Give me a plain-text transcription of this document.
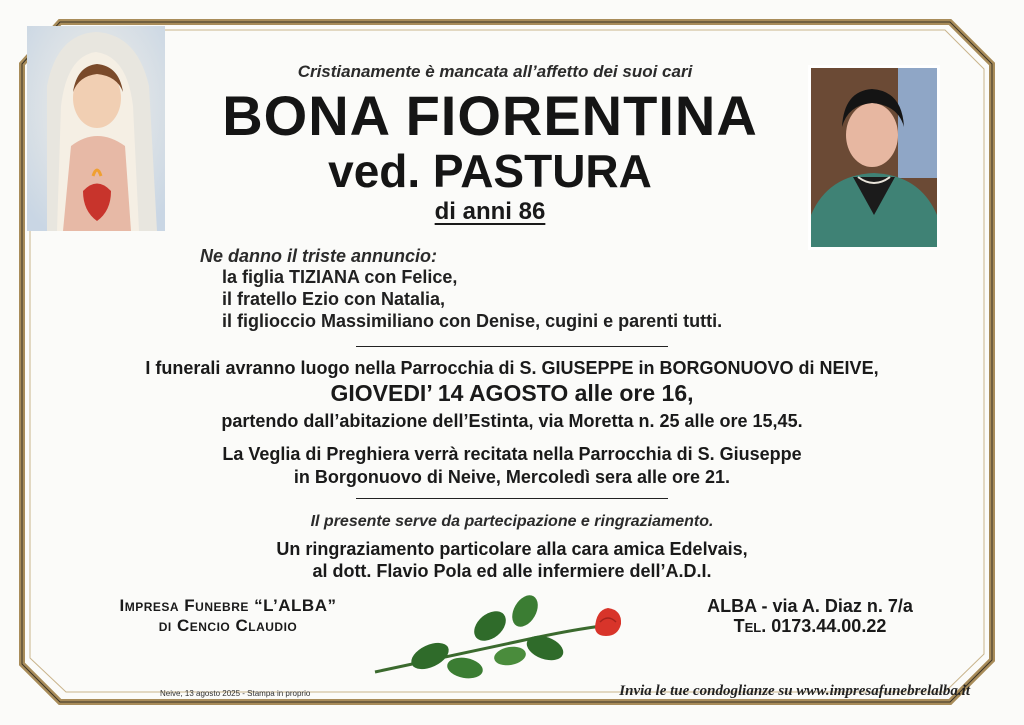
Cristianamente è mancata all’affetto dei suoi cari
BONA FIORENTINA
ved. PASTURA
di anni 86
Ne danno il triste annuncio:
la figlia TIZIANA con Felice,
il fratello Ezio con Natalia,
il figlioccio Massimiliano con Denise, cugini e parenti tutti.
I funerali avranno luogo nella Parrocchia di S. GIUSEPPE in BORGONUOVO di NEIVE,
GIOVEDI’ 14 AGOSTO alle ore 16,
partendo dall’abitazione dell’Estinta, via Moretta n. 25 alle ore 15,45.
La Veglia di Preghiera verrà recitata nella Parrocchia di S. Giuseppe
in Borgonuovo di Neive, Mercoledì sera alle ore 21.
Il presente serve da partecipazione e ringraziamento.
Un ringraziamento particolare alla cara amica Edelvais,
al dott. Flavio Pola ed alle infermiere dell’A.D.I.
Impresa Funebre “L’ALBA”
di Cencio Claudio
ALBA - via A. Diaz n. 7/a
Tel. 0173.44.00.22

Neive, 13 agosto 2025 - Stampa in proprio	Invia le tue condoglianze su www.impresafunebrelalba.it
